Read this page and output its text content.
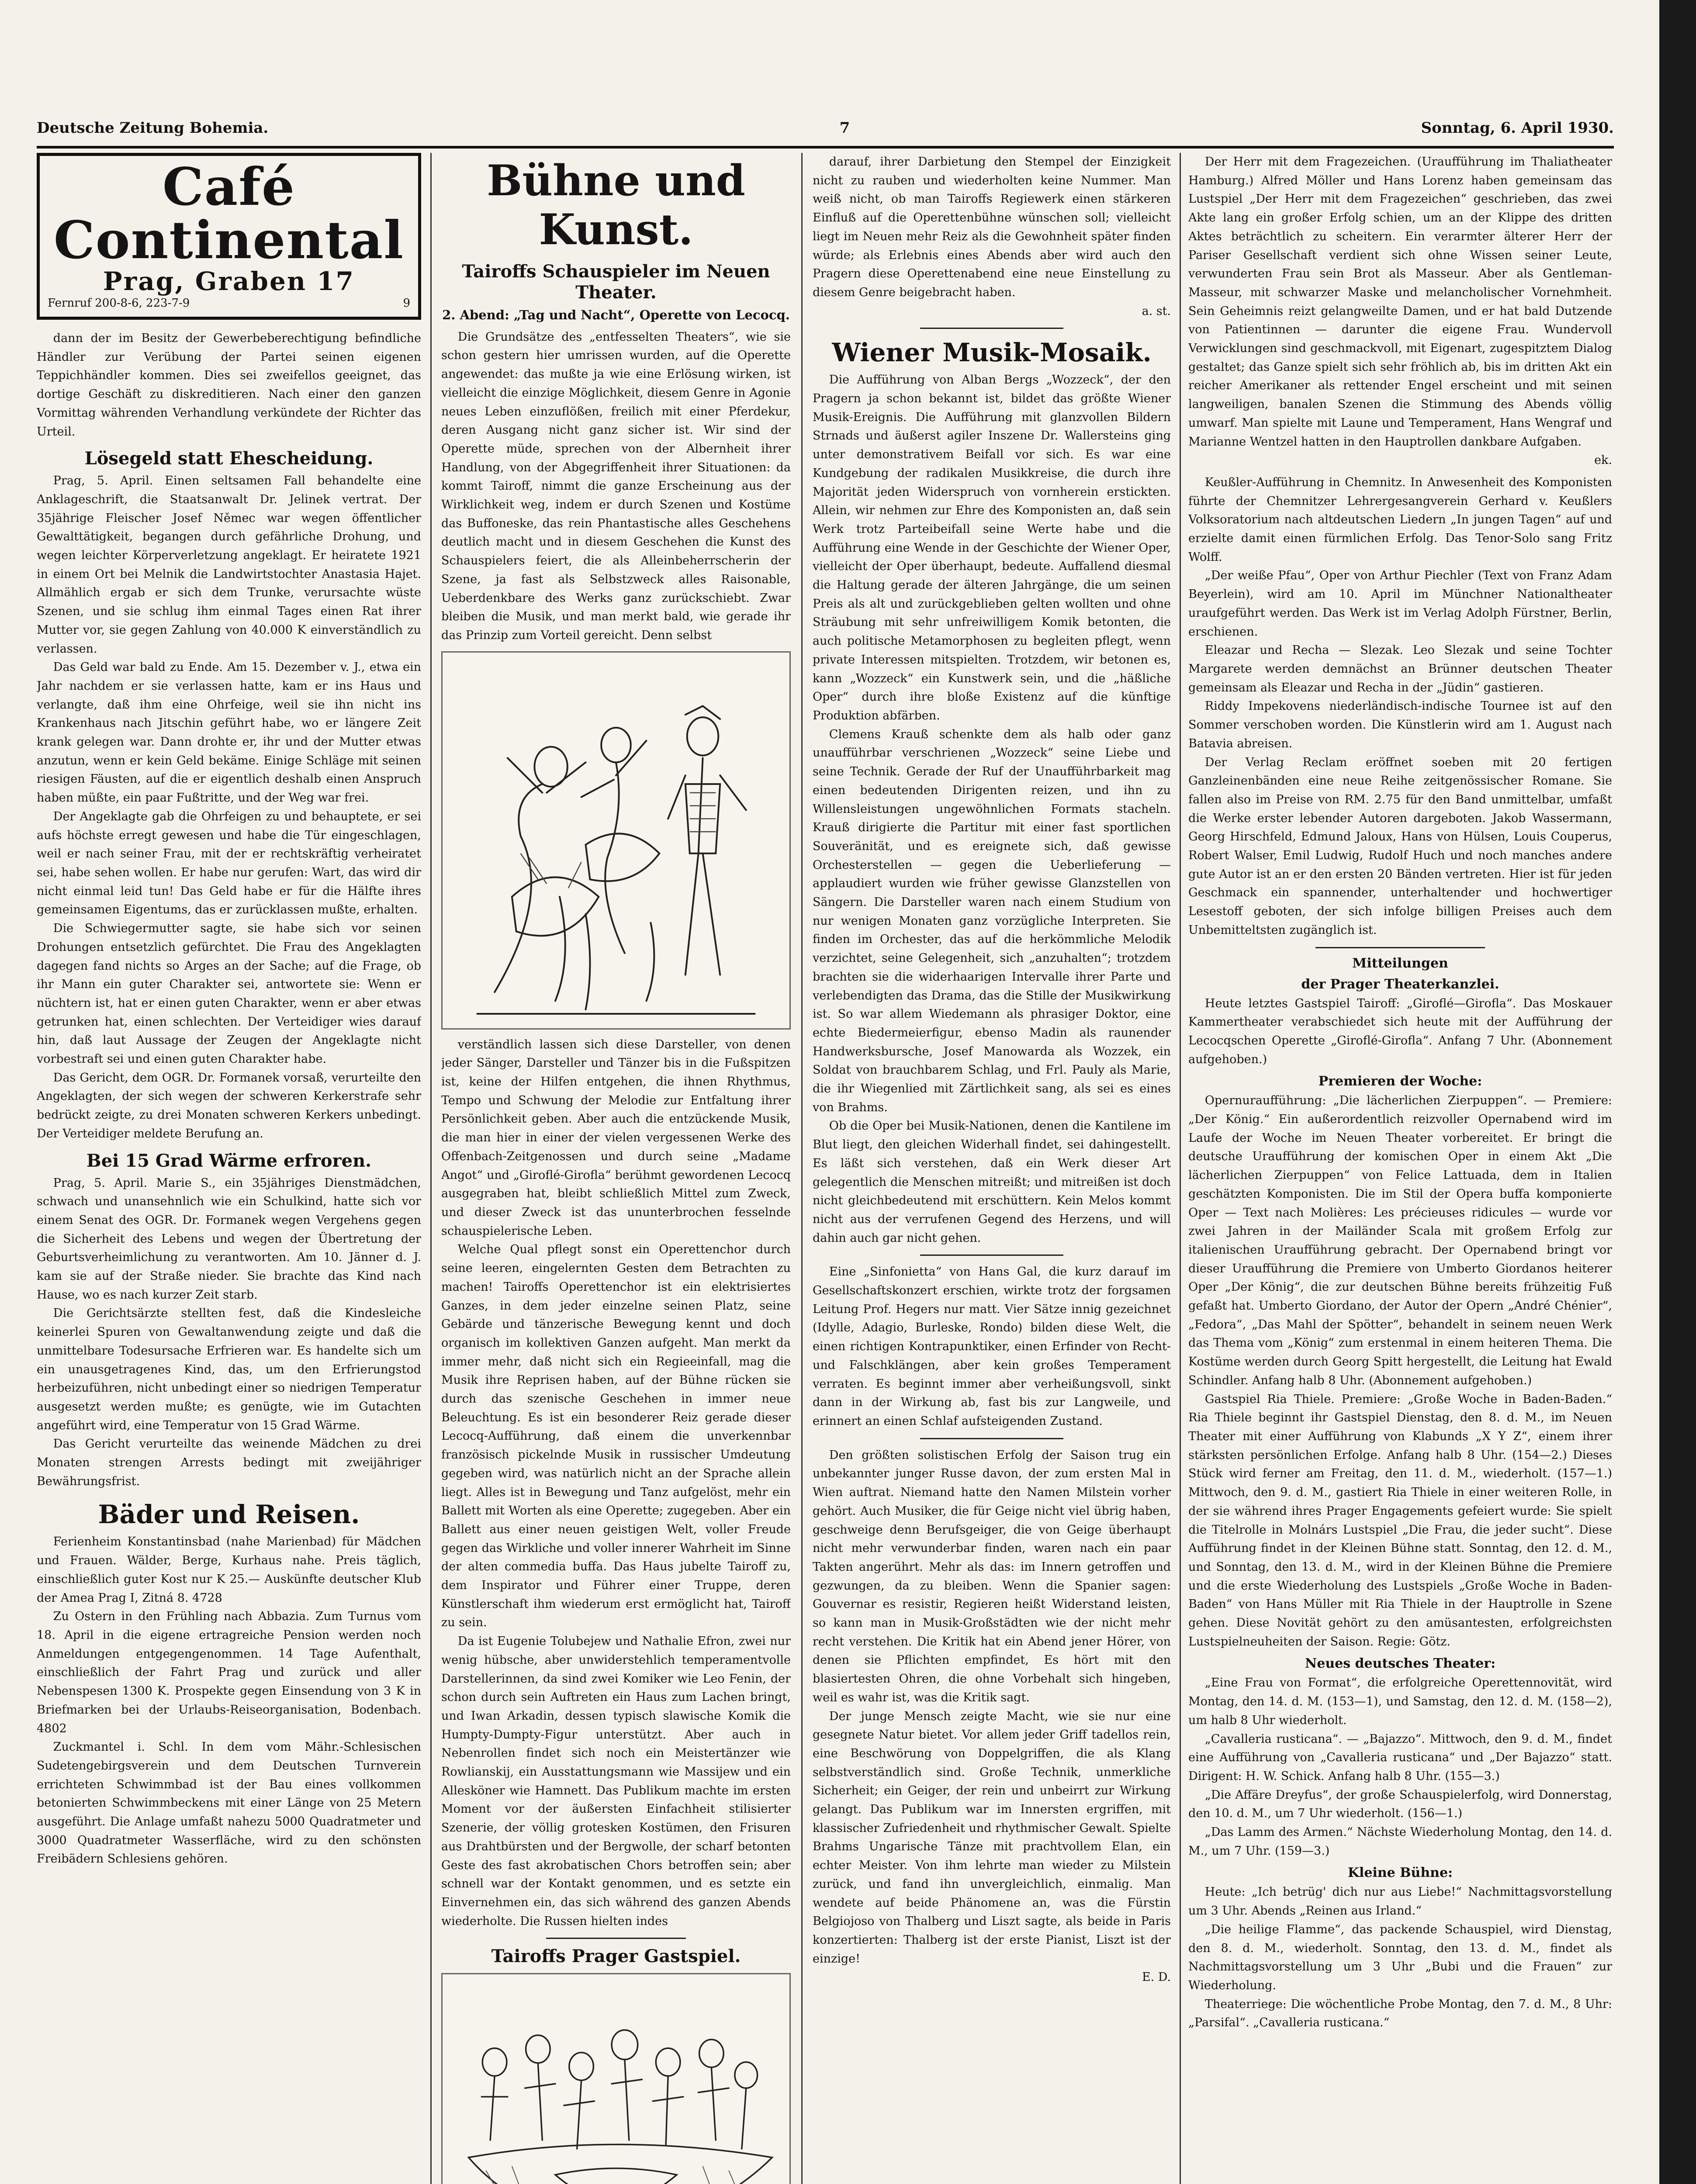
Deutsche Zeitung Bohemia.	7	Sonntag, 6. April 1930.
Café Continental
Prag, Graben 17
Fernruf 200-8-6, 223-7-9	9

dann der im Besitz der Gewerbeberechtigung befindliche Händler zur Verübung der Partei seinen eigenen Teppichhändler kommen. Dies sei zweifellos geeignet, das dortige Geschäft zu diskreditieren. Nach einer den ganzen Vormittag währenden Verhandlung verkündete der Richter das Urteil.

Lösegeld statt Ehescheidung.

Prag, 5. April. Einen seltsamen Fall behandelte eine Anklageschrift, die Staatsanwalt Dr. Jelinek vertrat. Der 35jährige Fleischer Josef Němec war wegen öffentlicher Gewalttätigkeit, begangen durch gefährliche Drohung, und wegen leichter Körperverletzung angeklagt. Er heiratete 1921 in einem Ort bei Melnik die Landwirtstochter Anastasia Hajet. Allmählich ergab er sich dem Trunke, verursachte wüste Szenen, und sie schlug ihm einmal Tages einen Rat ihrer Mutter vor, sie gegen Zahlung von 40.000 K einverständlich zu verlassen.

Das Geld war bald zu Ende. Am 15. Dezember v. J., etwa ein Jahr nachdem er sie verlassen hatte, kam er ins Haus und verlangte, daß ihm eine Ohrfeige, weil sie ihn nicht ins Krankenhaus nach Jitschin geführt habe, wo er längere Zeit krank gelegen war. Dann drohte er, ihr und der Mutter etwas anzutun, wenn er kein Geld bekäme. Einige Schläge mit seinen riesigen Fäusten, auf die er eigentlich deshalb einen Anspruch haben müßte, ein paar Fußtritte, und der Weg war frei.

Der Angeklagte gab die Ohrfeigen zu und behauptete, er sei aufs höchste erregt gewesen und habe die Tür eingeschlagen, weil er nach seiner Frau, mit der er rechtskräftig verheiratet sei, habe sehen wollen. Er habe nur gerufen: Wart, das wird dir nicht einmal leid tun! Das Geld habe er für die Hälfte ihres gemeinsamen Eigentums, das er zurücklassen mußte, erhalten.

Die Schwiegermutter sagte, sie habe sich vor seinen Drohungen entsetzlich gefürchtet. Die Frau des Angeklagten dagegen fand nichts so Arges an der Sache; auf die Frage, ob ihr Mann ein guter Charakter sei, antwortete sie: Wenn er nüchtern ist, hat er einen guten Charakter, wenn er aber etwas getrunken hat, einen schlechten. Der Verteidiger wies darauf hin, daß laut Aussage der Zeugen der Angeklagte nicht vorbestraft sei und einen guten Charakter habe.

Das Gericht, dem OGR. Dr. Formanek vorsaß, verurteilte den Angeklagten, der sich wegen der schweren Kerkerstrafe sehr bedrückt zeigte, zu drei Monaten schweren Kerkers unbedingt. Der Verteidiger meldete Berufung an.

Bei 15 Grad Wärme erfroren.

Prag, 5. April. Marie S., ein 35jähriges Dienstmädchen, schwach und unansehnlich wie ein Schulkind, hatte sich vor einem Senat des OGR. Dr. Formanek wegen Vergehens gegen die Sicherheit des Lebens und wegen der Übertretung der Geburtsverheimlichung zu verantworten. Am 10. Jänner d. J. kam sie auf der Straße nieder. Sie brachte das Kind nach Hause, wo es nach kurzer Zeit starb.

Die Gerichtsärzte stellten fest, daß die Kindesleiche keinerlei Spuren von Gewaltanwendung zeigte und daß die unmittelbare Todesursache Erfrieren war. Es handelte sich um ein unausgetragenes Kind, das, um den Erfrierungstod herbeizuführen, nicht unbedingt einer so niedrigen Temperatur ausgesetzt werden mußte; es genügte, wie im Gutachten angeführt wird, eine Temperatur von 15 Grad Wärme.

Das Gericht verurteilte das weinende Mädchen zu drei Monaten strengen Arrests bedingt mit zweijähriger Bewährungsfrist.

Bäder und Reisen.

Ferienheim Konstantinsbad (nahe Marienbad) für Mädchen und Frauen. Wälder, Berge, Kurhaus nahe. Preis täglich, einschließlich guter Kost nur K 25.— Auskünfte deutscher Klub der Amea Prag I, Zitná 8. 4728

Zu Ostern in den Frühling nach Abbazia. Zum Turnus vom 18. April in die eigene ertragreiche Pension werden noch Anmeldungen entgegengenommen. 14 Tage Aufenthalt, einschließlich der Fahrt Prag und zurück und aller Nebenspesen 1300 K. Prospekte gegen Einsendung von 3 K in Briefmarken bei der Urlaubs-Reiseorganisation, Bodenbach. 4802

Zuckmantel i. Schl. In dem vom Mähr.-Schlesischen Sudetengebirgsverein und dem Deutschen Turnverein errichteten Schwimmbad ist der Bau eines vollkommen betonierten Schwimmbeckens mit einer Länge von 25 Metern ausgeführt. Die Anlage umfaßt nahezu 5000 Quadratmeter und 3000 Quadratmeter Wasserfläche, wird zu den schönsten Freibädern Schlesiens gehören.

Bühne und Kunst.
Tairoffs Schauspieler im Neuen Theater.
2. Abend: „Tag und Nacht“, Operette von Lecocq.

Die Grundsätze des „entfesselten Theaters“, wie sie schon gestern hier umrissen wurden, auf die Operette angewendet: das mußte ja wie eine Erlösung wirken, ist vielleicht die einzige Möglichkeit, diesem Genre in Agonie neues Leben einzuflößen, freilich mit einer Pferdekur, deren Ausgang nicht ganz sicher ist. Wir sind der Operette müde, sprechen von der Albernheit ihrer Handlung, von der Abgegriffenheit ihrer Situationen: da kommt Tairoff, nimmt die ganze Erscheinung aus der Wirklichkeit weg, indem er durch Szenen und Kostüme das Buffoneske, das rein Phantastische alles Geschehens deutlich macht und in diesem Geschehen die Kunst des Schauspielers feiert, die als Alleinbeherrscherin der Szene, ja fast als Selbstzweck alles Raisonable, Ueberdenkbare des Werks ganz zurückschiebt. Zwar bleiben die Musik, und man merkt bald, wie gerade ihr das Prinzip zum Vorteil gereicht. Denn selbst

verständlich lassen sich diese Darsteller, von denen jeder Sänger, Darsteller und Tänzer bis in die Fußspitzen ist, keine der Hilfen entgehen, die ihnen Rhythmus, Tempo und Schwung der Melodie zur Entfaltung ihrer Persönlichkeit geben. Aber auch die entzückende Musik, die man hier in einer der vielen vergessenen Werke des Offenbach-Zeitgenossen und durch seine „Madame Angot“ und „Giroflé-Girofla“ berühmt gewordenen Lecocq ausgegraben hat, bleibt schließlich Mittel zum Zweck, und dieser Zweck ist das ununterbrochen fesselnde schauspielerische Leben.

Welche Qual pflegt sonst ein Operettenchor durch seine leeren, eingelernten Gesten dem Betrachten zu machen! Tairoffs Operettenchor ist ein elektrisiertes Ganzes, in dem jeder einzelne seinen Platz, seine Gebärde und tänzerische Bewegung kennt und doch organisch im kollektiven Ganzen aufgeht. Man merkt da immer mehr, daß nicht sich ein Regieeinfall, mag die Musik ihre Reprisen haben, auf der Bühne rücken sie durch das szenische Geschehen in immer neue Beleuchtung. Es ist ein besonderer Reiz gerade dieser Lecocq-Aufführung, daß einem die unverkennbar französisch pickelnde Musik in russischer Umdeutung gegeben wird, was natürlich nicht an der Sprache allein liegt. Alles ist in Bewegung und Tanz aufgelöst, mehr ein Ballett mit Worten als eine Operette; zugegeben. Aber ein Ballett aus einer neuen geistigen Welt, voller Freude gegen das Wirkliche und voller innerer Wahrheit im Sinne der alten commedia buffa. Das Haus jubelte Tairoff zu, dem Inspirator und Führer einer Truppe, deren Künstlerschaft ihm wiederum erst ermöglicht hat, Tairoff zu sein.

Da ist Eugenie Tolubejew und Nathalie Efron, zwei nur wenig hübsche, aber unwiderstehlich temperamentvolle Darstellerinnen, da sind zwei Komiker wie Leo Fenin, der schon durch sein Auftreten ein Haus zum Lachen bringt, und Iwan Arkadin, dessen typisch slawische Komik die Humpty-Dumpty-Figur unterstützt. Aber auch in Nebenrollen findet sich noch ein Meistertänzer wie Rowlianskij, ein Ausstattungsmann wie Massijew und ein Allesköner wie Hamnett. Das Publikum machte im ersten Moment vor der äußersten Einfachheit stilisierter Szenerie, der völlig grotesken Kostümen, den Frisuren aus Drahtbürsten und der Bergwolle, der scharf betonten Geste des fast akrobatischen Chors betroffen sein; aber schnell war der Kontakt genommen, und es setzte ein Einvernehmen ein, das sich während des ganzen Abends wiederholte. Die Russen hielten indes

Tairoffs Prager Gastspiel.

darauf, ihrer Darbietung den Stempel der Einzigkeit nicht zu rauben und wiederholten keine Nummer. Man weiß nicht, ob man Tairoffs Regiewerk einen stärkeren Einfluß auf die Operettenbühne wünschen soll; vielleicht liegt im Neuen mehr Reiz als die Gewohnheit später finden würde; als Erlebnis eines Abends aber wird auch den Pragern diese Operettenabend eine neue Einstellung zu diesem Genre beigebracht haben.

a. st.
Wiener Musik-Mosaik.

Die Aufführung von Alban Bergs „Wozzeck“, der den Pragern ja schon bekannt ist, bildet das größte Wiener Musik-Ereignis. Die Aufführung mit glanzvollen Bildern Strnads und äußerst agiler Inszene Dr. Wallersteins ging unter demonstrativem Beifall vor sich. Es war eine Kundgebung der radikalen Musikkreise, die durch ihre Majorität jeden Widerspruch von vornherein erstickten. Allein, wir nehmen zur Ehre des Komponisten an, daß sein Werk trotz Parteibeifall seine Werte habe und die Aufführung eine Wende in der Geschichte der Wiener Oper, vielleicht der Oper überhaupt, bedeute. Auffallend diesmal die Haltung gerade der älteren Jahrgänge, die um seinen Preis als alt und zurückgeblieben gelten wollten und ohne Sträubung mit sehr unfreiwilligem Komik betonten, die auch politische Metamorphosen zu begleiten pflegt, wenn private Interessen mitspielten. Trotzdem, wir betonen es, kann „Wozzeck“ ein Kunstwerk sein, und die „häßliche Oper“ durch ihre bloße Existenz auf die künftige Produktion abfärben.

Clemens Krauß schenkte dem als halb oder ganz unaufführbar verschrienen „Wozzeck“ seine Liebe und seine Technik. Gerade der Ruf der Unaufführbarkeit mag einen bedeutenden Dirigenten reizen, und ihn zu Willensleistungen ungewöhnlichen Formats stacheln. Krauß dirigierte die Partitur mit einer fast sportlichen Souveränität, und es ereignete sich, daß gewisse Orchesterstellen — gegen die Ueberlieferung — applaudiert wurden wie früher gewisse Glanzstellen von Sängern. Die Darsteller waren nach einem Studium von nur wenigen Monaten ganz vorzügliche Interpreten. Sie finden im Orchester, das auf die herkömmliche Melodik verzichtet, seine Gelegenheit, sich „anzuhalten“; trotzdem brachten sie die widerhaarigen Intervalle ihrer Parte und verlebendigten das Drama, das die Stille der Musikwirkung ist. So war allem Wiedemann als phrasiger Doktor, eine echte Biedermeierfigur, ebenso Madin als raunender Handwerksbursche, Josef Manowarda als Wozzek, ein Soldat von brauchbarem Schlag, und Frl. Pauly als Marie, die ihr Wiegenlied mit Zärtlichkeit sang, als sei es eines von Brahms.

Ob die Oper bei Musik-Nationen, denen die Kantilene im Blut liegt, den gleichen Widerhall findet, sei dahingestellt. Es läßt sich verstehen, daß ein Werk dieser Art gelegentlich die Menschen mitreißt; und mitreißen ist doch nicht gleichbedeutend mit erschüttern. Kein Melos kommt nicht aus der verrufenen Gegend des Herzens, und will dahin auch gar nicht gehen.

Eine „Sinfonietta“ von Hans Gal, die kurz darauf im Gesellschaftskonzert erschien, wirkte trotz der forgsamen Leitung Prof. Hegers nur matt. Vier Sätze innig gezeichnet (Idylle, Adagio, Burleske, Rondo) bilden diese Welt, die einen richtigen Kontrapunktiker, einen Erfinder von Recht- und Falschklängen, aber kein großes Temperament verraten. Es beginnt immer aber verheißungsvoll, sinkt dann in der Wirkung ab, fast bis zur Langweile, und erinnert an einen Schlaf aufsteigenden Zustand.

Den größten solistischen Erfolg der Saison trug ein unbekannter junger Russe davon, der zum ersten Mal in Wien auftrat. Niemand hatte den Namen Milstein vorher gehört. Auch Musiker, die für Geige nicht viel übrig haben, geschweige denn Berufsgeiger, die von Geige überhaupt nicht mehr verwunderbar finden, waren nach ein paar Takten angerührt. Mehr als das: im Innern getroffen und gezwungen, da zu bleiben. Wenn die Spanier sagen: Gouvernar es resistir, Regieren heißt Widerstand leisten, so kann man in Musik-Großstädten wie der nicht mehr recht verstehen. Die Kritik hat ein Abend jener Hörer, von denen sie Pflichten empfindet, Es hört mit den blasiertesten Ohren, die ohne Vorbehalt sich hingeben, weil es wahr ist, was die Kritik sagt.

Der junge Mensch zeigte Macht, wie sie nur eine gesegnete Natur bietet. Vor allem jeder Griff tadellos rein, eine Beschwörung von Doppelgriffen, die als Klang selbstverständlich sind. Große Technik, unmerkliche Sicherheit; ein Geiger, der rein und unbeirrt zur Wirkung gelangt. Das Publikum war im Innersten ergriffen, mit klassischer Zufriedenheit und rhythmischer Gewalt. Spielte Brahms Ungarische Tänze mit prachtvollem Elan, ein echter Meister. Von ihm lehrte man wieder zu Milstein zurück, und fand ihn unvergleichlich, einmalig. Man wendete auf beide Phänomene an, was die Fürstin Belgiojoso von Thalberg und Liszt sagte, als beide in Paris konzertierten: Thalberg ist der erste Pianist, Liszt ist der einzige!

E. D.

Der Herr mit dem Fragezeichen. (Uraufführung im Thaliatheater Hamburg.) Alfred Möller und Hans Lorenz haben gemeinsam das Lustspiel „Der Herr mit dem Fragezeichen“ geschrieben, das zwei Akte lang ein großer Erfolg schien, um an der Klippe des dritten Aktes beträchtlich zu scheitern. Ein verarmter älterer Herr der Pariser Gesellschaft verdient sich ohne Wissen seiner Leute, verwunderten Frau sein Brot als Masseur. Aber als Gentleman-Masseur, mit schwarzer Maske und melancholischer Vornehmheit. Sein Geheimnis reizt gelangweilte Damen, und er hat bald Dutzende von Patientinnen — darunter die eigene Frau. Wundervoll Verwicklungen sind geschmackvoll, mit Eigenart, zugespitztem Dialog gestaltet; das Ganze spielt sich sehr fröhlich ab, bis im dritten Akt ein reicher Amerikaner als rettender Engel erscheint und mit seinen langweiligen, banalen Szenen die Stimmung des Abends völlig umwarf. Man spielte mit Laune und Temperament, Hans Wengraf und Marianne Wentzel hatten in den Hauptrollen dankbare Aufgaben.

ek.

Keußler-Aufführung in Chemnitz. In Anwesenheit des Komponisten führte der Chemnitzer Lehrergesangverein Gerhard v. Keußlers Volksoratorium nach altdeutschen Liedern „In jungen Tagen“ auf und erzielte damit einen fürmlichen Erfolg. Das Tenor-Solo sang Fritz Wolff.

„Der weiße Pfau“, Oper von Arthur Piechler (Text von Franz Adam Beyerlein), wird am 10. April im Münchner Nationaltheater uraufgeführt werden. Das Werk ist im Verlag Adolph Fürstner, Berlin, erschienen.

Eleazar und Recha — Slezak. Leo Slezak und seine Tochter Margarete werden demnächst an Brünner deutschen Theater gemeinsam als Eleazar und Recha in der „Jüdin“ gastieren.

Riddy Impekovens niederländisch-indische Tournee ist auf den Sommer verschoben worden. Die Künstlerin wird am 1. August nach Batavia abreisen.

Der Verlag Reclam eröffnet soeben mit 20 fertigen Ganzleinenbänden eine neue Reihe zeitgenössischer Romane. Sie fallen also im Preise von RM. 2.75 für den Band unmittelbar, umfaßt die Werke erster lebender Autoren dargeboten. Jakob Wassermann, Georg Hirschfeld, Edmund Jaloux, Hans von Hülsen, Louis Couperus, Robert Walser, Emil Ludwig, Rudolf Huch und noch manches andere gute Autor ist an er den ersten 20 Bänden vertreten. Hier ist für jeden Geschmack ein spannender, unterhaltender und hochwertiger Lesestoff geboten, der sich infolge billigen Preises auch dem Unbemitteltsten zugänglich ist.

Mitteilungen
der Prager Theaterkanzlei.

Heute letztes Gastspiel Tairoff: „Giroflé—Girofla“. Das Moskauer Kammertheater verabschiedet sich heute mit der Aufführung der Lecocqschen Operette „Giroflé-Girofla“. Anfang 7 Uhr. (Abonnement aufgehoben.)

Premieren der Woche:

Opernuraufführung: „Die lächerlichen Zierpuppen“. — Premiere: „Der König.“ Ein außerordentlich reizvoller Opernabend wird im Laufe der Woche im Neuen Theater vorbereitet. Er bringt die deutsche Uraufführung der komischen Oper in einem Akt „Die lächerlichen Zierpuppen“ von Felice Lattuada, dem in Italien geschätzten Komponisten. Die im Stil der Opera buffa komponierte Oper — Text nach Molières: Les précieuses ridicules — wurde vor zwei Jahren in der Mailänder Scala mit großem Erfolg zur italienischen Uraufführung gebracht. Der Opernabend bringt vor dieser Uraufführung die Premiere von Umberto Giordanos heiterer Oper „Der König“, die zur deutschen Bühne bereits frühzeitig Fuß gefaßt hat. Umberto Giordano, der Autor der Opern „André Chénier“, „Fedora“, „Das Mahl der Spötter“, behandelt in seinem neuen Werk das Thema vom „König“ zum erstenmal in einem heiteren Thema. Die Kostüme werden durch Georg Spitt hergestellt, die Leitung hat Ewald Schindler. Anfang halb 8 Uhr. (Abonnement aufgehoben.)

Gastspiel Ria Thiele. Premiere: „Große Woche in Baden-Baden.“ Ria Thiele beginnt ihr Gastspiel Dienstag, den 8. d. M., im Neuen Theater mit einer Aufführung von Klabunds „X Y Z“, einem ihrer stärksten persönlichen Erfolge. Anfang halb 8 Uhr. (154—2.) Dieses Stück wird ferner am Freitag, den 11. d. M., wiederholt. (157—1.) Mittwoch, den 9. d. M., gastiert Ria Thiele in einer weiteren Rolle, in der sie während ihres Prager Engagements gefeiert wurde: Sie spielt die Titelrolle in Molnárs Lustspiel „Die Frau, die jeder sucht“. Diese Aufführung findet in der Kleinen Bühne statt. Sonntag, den 12. d. M., und Sonntag, den 13. d. M., wird in der Kleinen Bühne die Premiere und die erste Wiederholung des Lustspiels „Große Woche in Baden-Baden“ von Hans Müller mit Ria Thiele in der Hauptrolle in Szene gehen. Diese Novität gehört zu den amüsantesten, erfolgreichsten Lustspielneuheiten der Saison. Regie: Götz.

Neues deutsches Theater:

„Eine Frau von Format“, die erfolgreiche Operettennovität, wird Montag, den 14. d. M. (153—1), und Samstag, den 12. d. M. (158—2), um halb 8 Uhr wiederholt.

„Cavalleria rusticana“. — „Bajazzo“. Mittwoch, den 9. d. M., findet eine Aufführung von „Cavalleria rusticana“ und „Der Bajazzo“ statt. Dirigent: H. W. Schick. Anfang halb 8 Uhr. (155—3.)

„Die Affäre Dreyfus“, der große Schauspielerfolg, wird Donnerstag, den 10. d. M., um 7 Uhr wiederholt. (156—1.)

„Das Lamm des Armen.“ Nächste Wiederholung Montag, den 14. d. M., um 7 Uhr. (159—3.)

Kleine Bühne:

Heute: „Ich betrüg' dich nur aus Liebe!“ Nachmittagsvorstellung um 3 Uhr. Abends „Reinen aus Irland.“

„Die heilige Flamme“, das packende Schauspiel, wird Dienstag, den 8. d. M., wiederholt. Sonntag, den 13. d. M., findet als Nachmittagsvorstellung um 3 Uhr „Bubi und die Frauen“ zur Wiederholung.

Theaterriege: Die wöchentliche Probe Montag, den 7. d. M., 8 Uhr: „Parsifal“. „Cavalleria rusticana.“
